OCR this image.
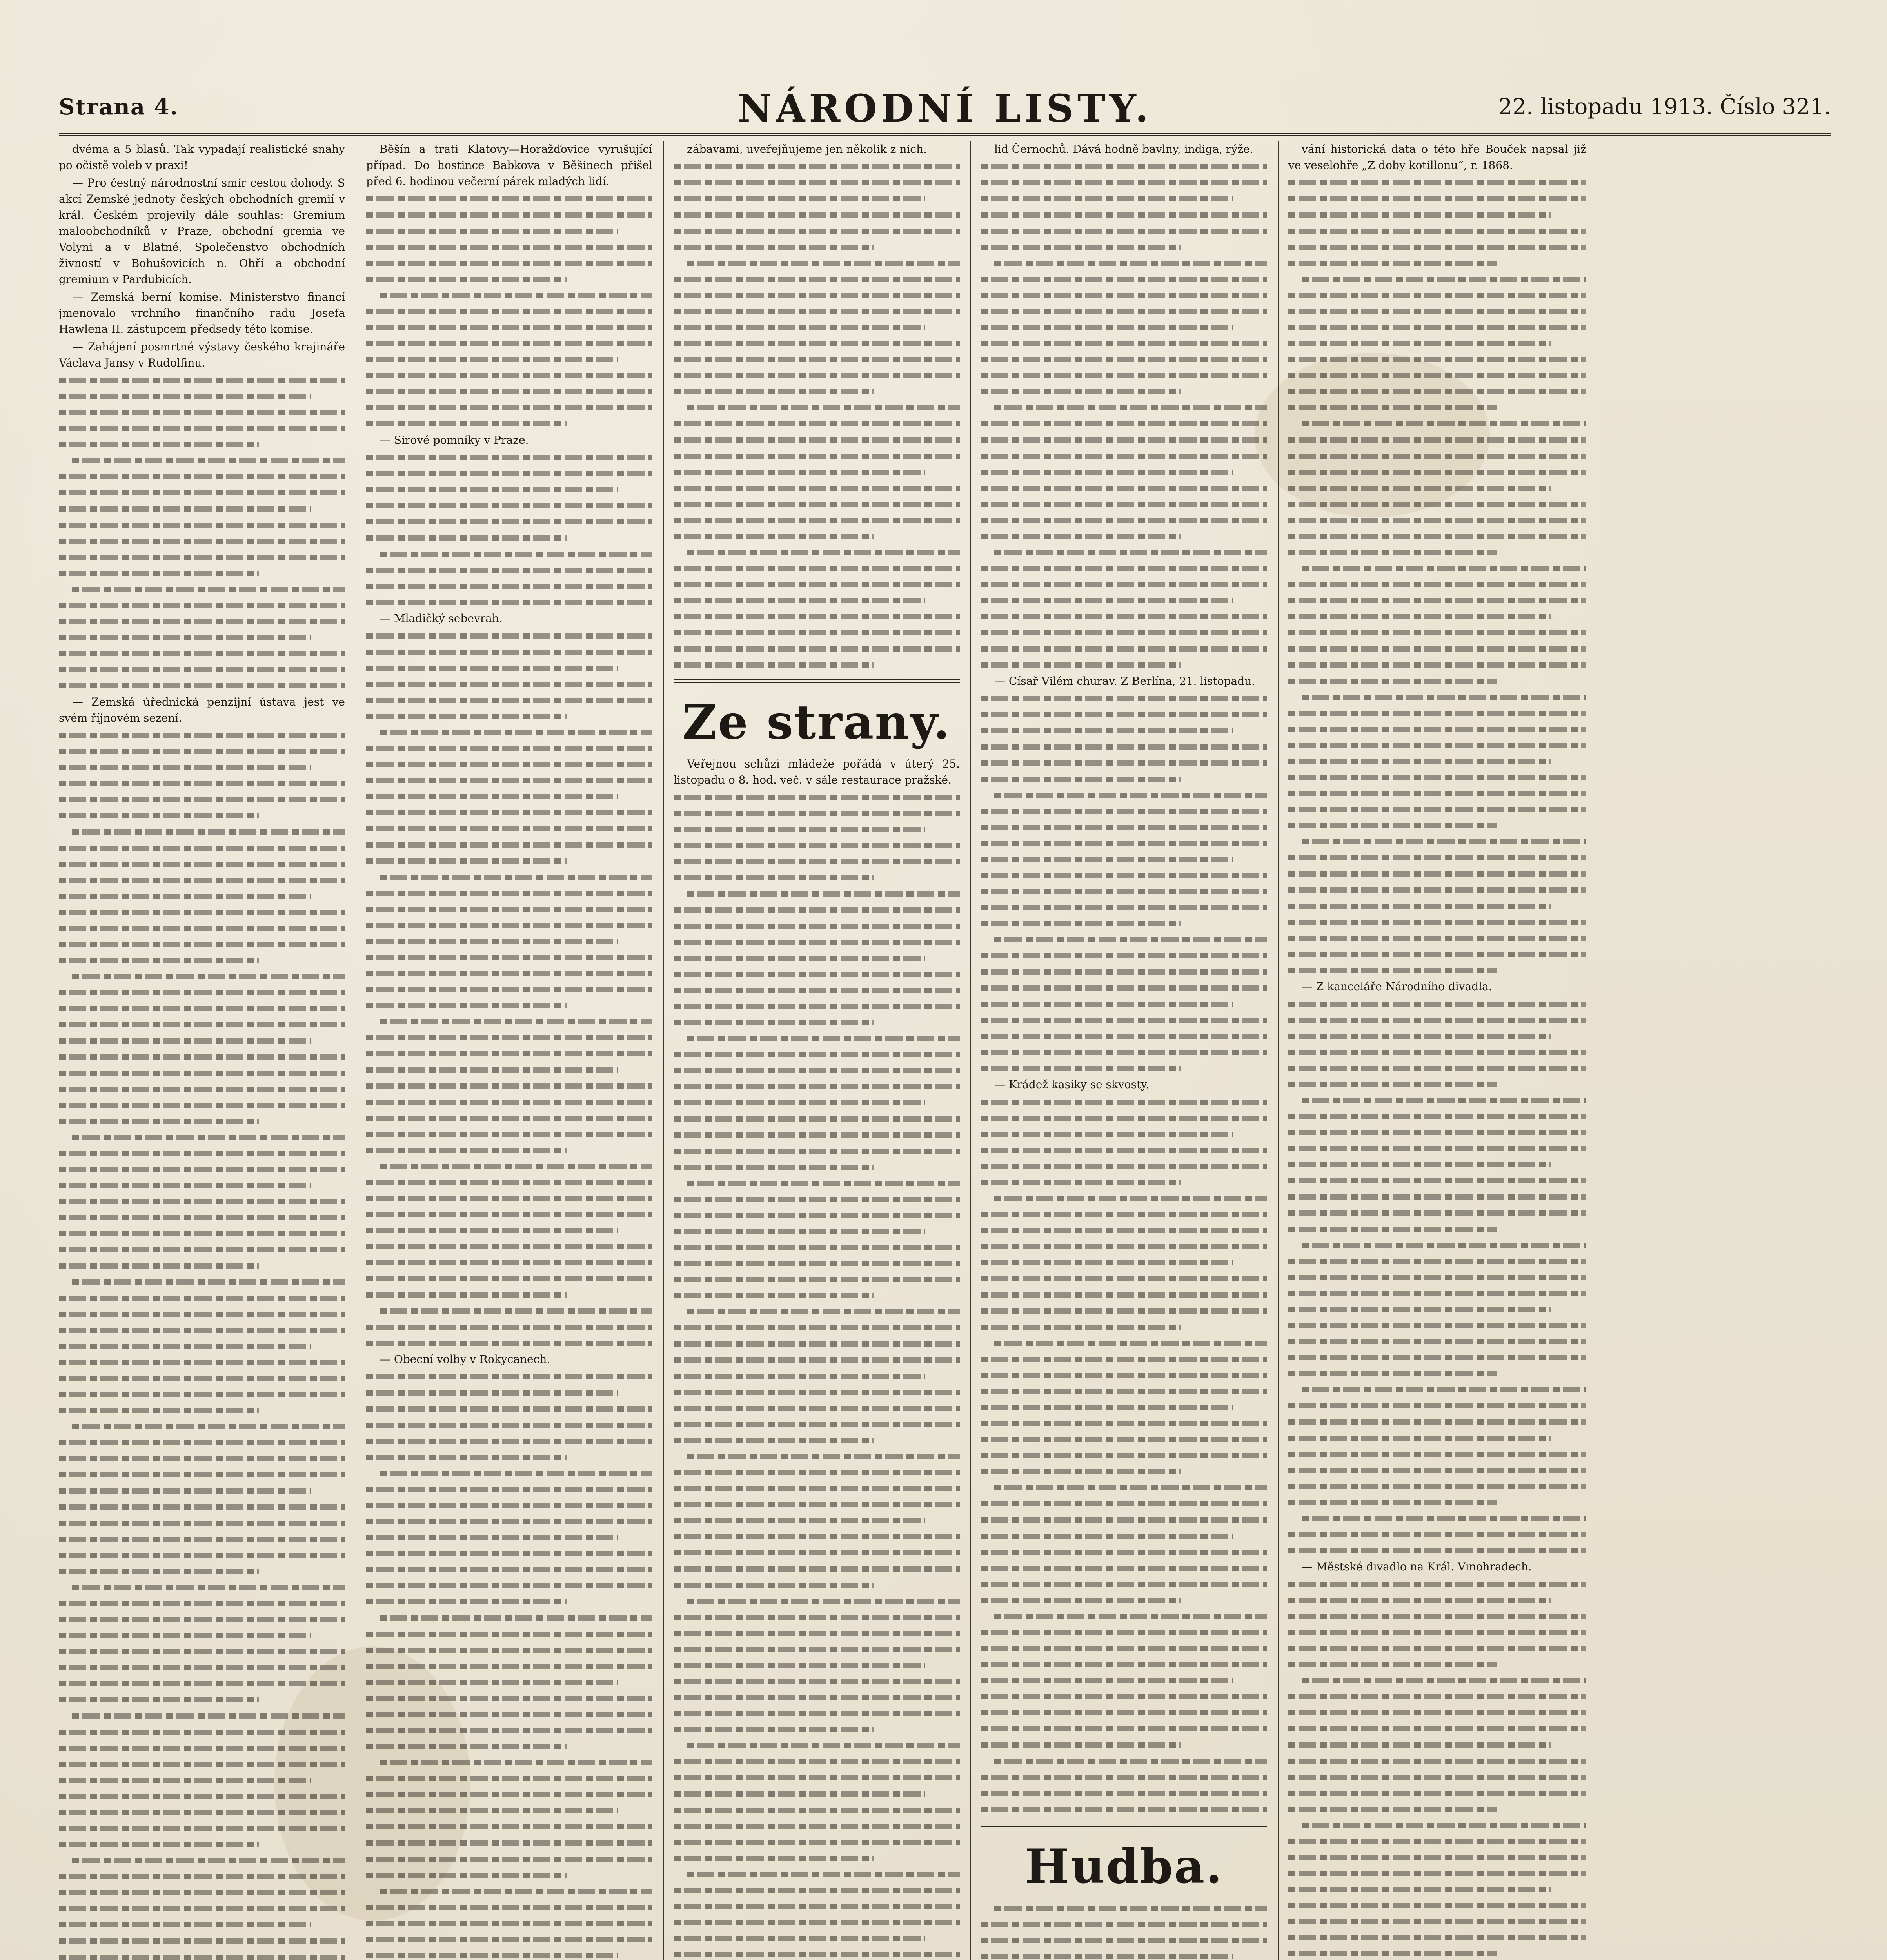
Strana 4.	NÁRODNÍ LISTY.	22. listopadu 1913. Číslo 321.

dvéma a 5 blasů. Tak vypadají realistické snahy po očistě voleb v praxi!

— Pro čestný národnostní smír cestou dohody. S akcí Zemské jednoty českých obchodních gremií v král. Českém projevily dále souhlas: Gremium maloobchodníků v Praze, obchodní gremia ve Volyni a v Blatné, Společenstvo obchodních živností v Bohušovicích n. Ohří a obchodní gremium v Pardubicích.

— Zemská berní komise. Ministerstvo financí jmenovalo vrchního finančního radu Josefa Hawlena II. zástupcem předsedy této komise.

— Zahájení posmrtné výstavy českého krajináře Václava Jansy v Rudolfinu.

— Zemská úřednická penzijní ústava jest ve svém říjnovém sezení.

Běšín a trati Klatovy—Horažďovice vyrušující případ. Do hostince Babkova v Běšinech přišel před 6. hodinou večerní párek mladých lidí.

— Sirové pomníky v Praze.

— Mladičký sebevrah.

— Obecní volby v Rokycanech.

zábavami, uveřejňujeme jen několik z nich.

Ze strany.

Veřejnou schůzi mládeže pořádá v úterý 25. listopadu o 8. hod. več. v sále restaurace pražské.

lid Černochů. Dává hodně bavlny, indiga, rýže.

— Císař Vilém churav. Z Berlína, 21. listopadu.

— Krádež kasiky se skvosty.

Hudba.

vání historická data o této hře Bouček napsal již ve veselohře „Z doby kotillonů“, r. 1868.

— Z kanceláře Národního divadla.

— Městské divadlo na Král. Vinohradech.
